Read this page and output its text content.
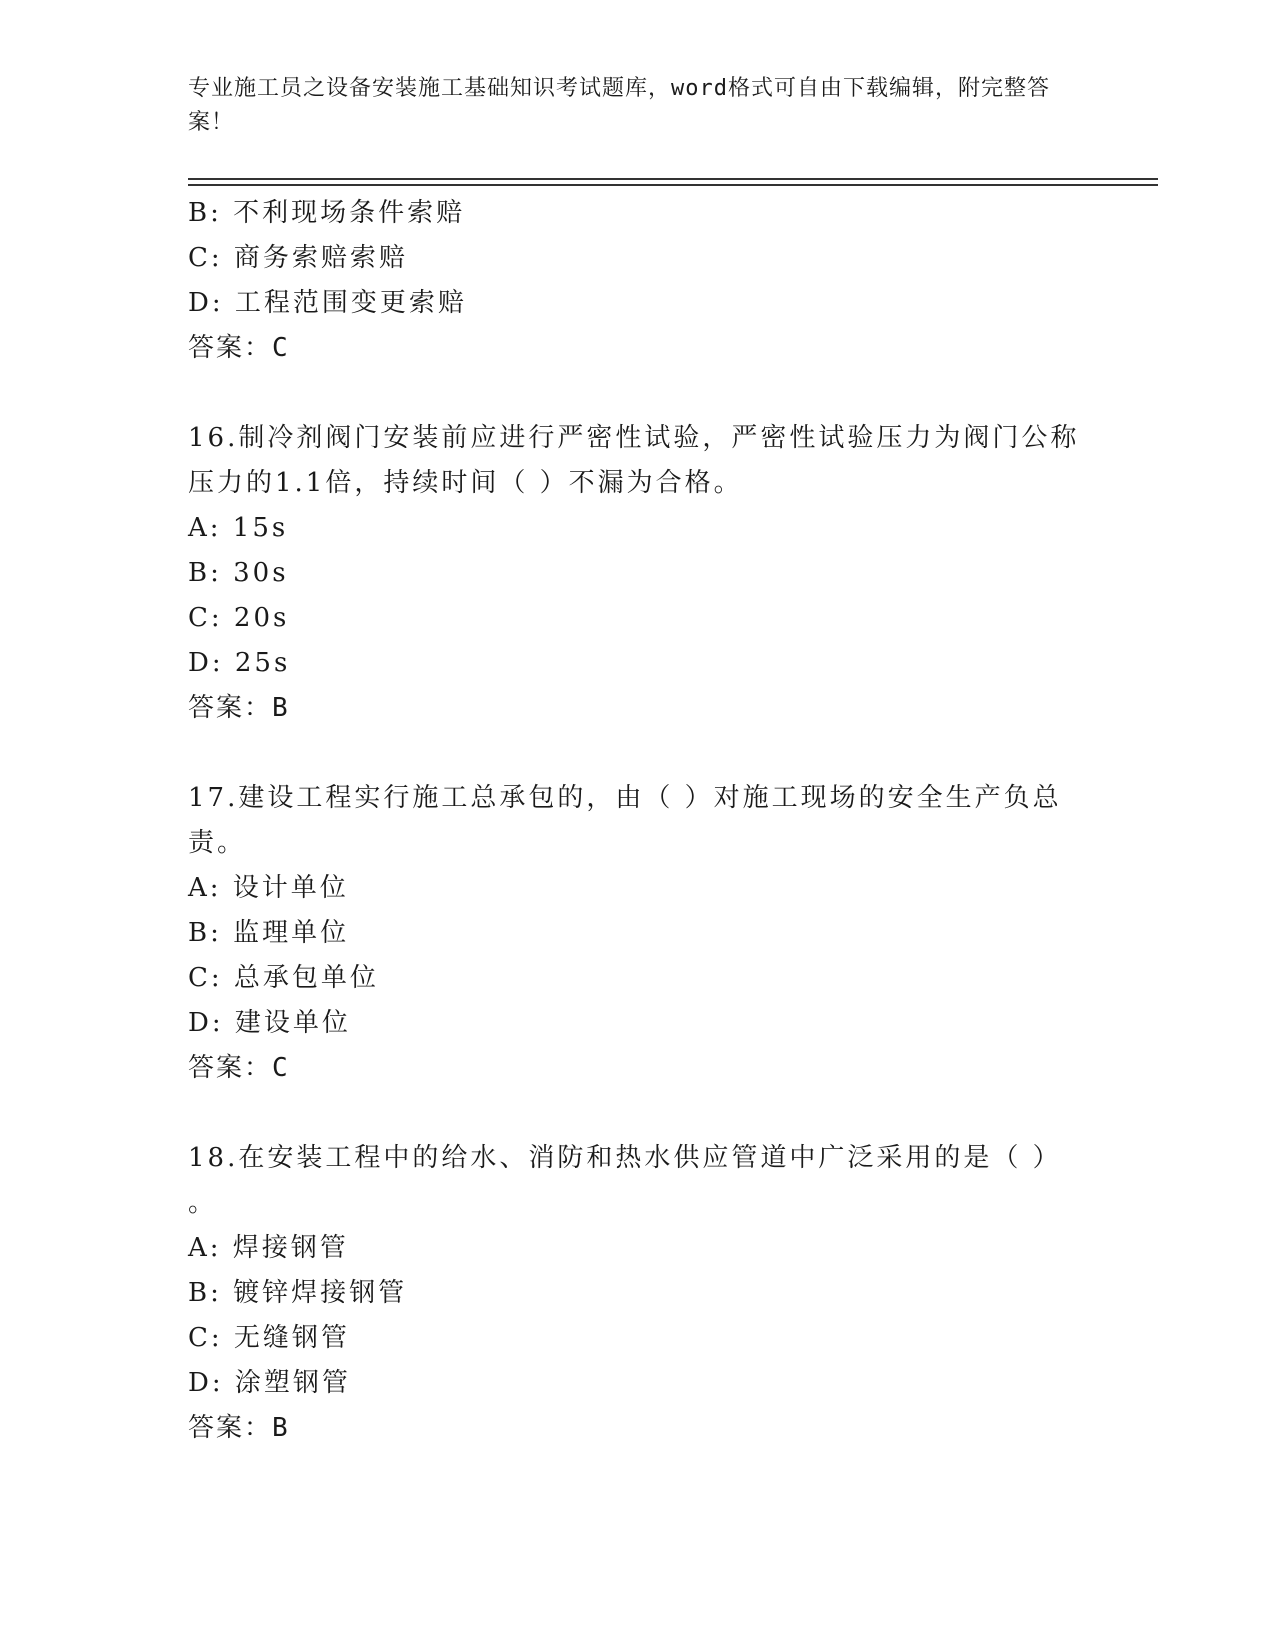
专业施工员之设备安装施工基础知识考试题库，word格式可自由下载编辑，附完整答案！
B: 不利现场条件索赔
C: 商务索赔索赔
D: 工程范围变更索赔
答案：C
16.制冷剂阀门安装前应进行严密性试验，严密性试验压力为阀门公称
压力的1.1倍，持续时间（ ）不漏为合格。
A: 15s
B: 30s
C: 20s
D: 25s
答案：B
17.建设工程实行施工总承包的，由（ ）对施工现场的安全生产负总
责。
A: 设计单位
B: 监理单位
C: 总承包单位
D: 建设单位
答案：C
18.在安装工程中的给水、消防和热水供应管道中广泛采用的是（ ）
。
A: 焊接钢管
B: 镀锌焊接钢管
C: 无缝钢管
D: 涂塑钢管
答案：B
